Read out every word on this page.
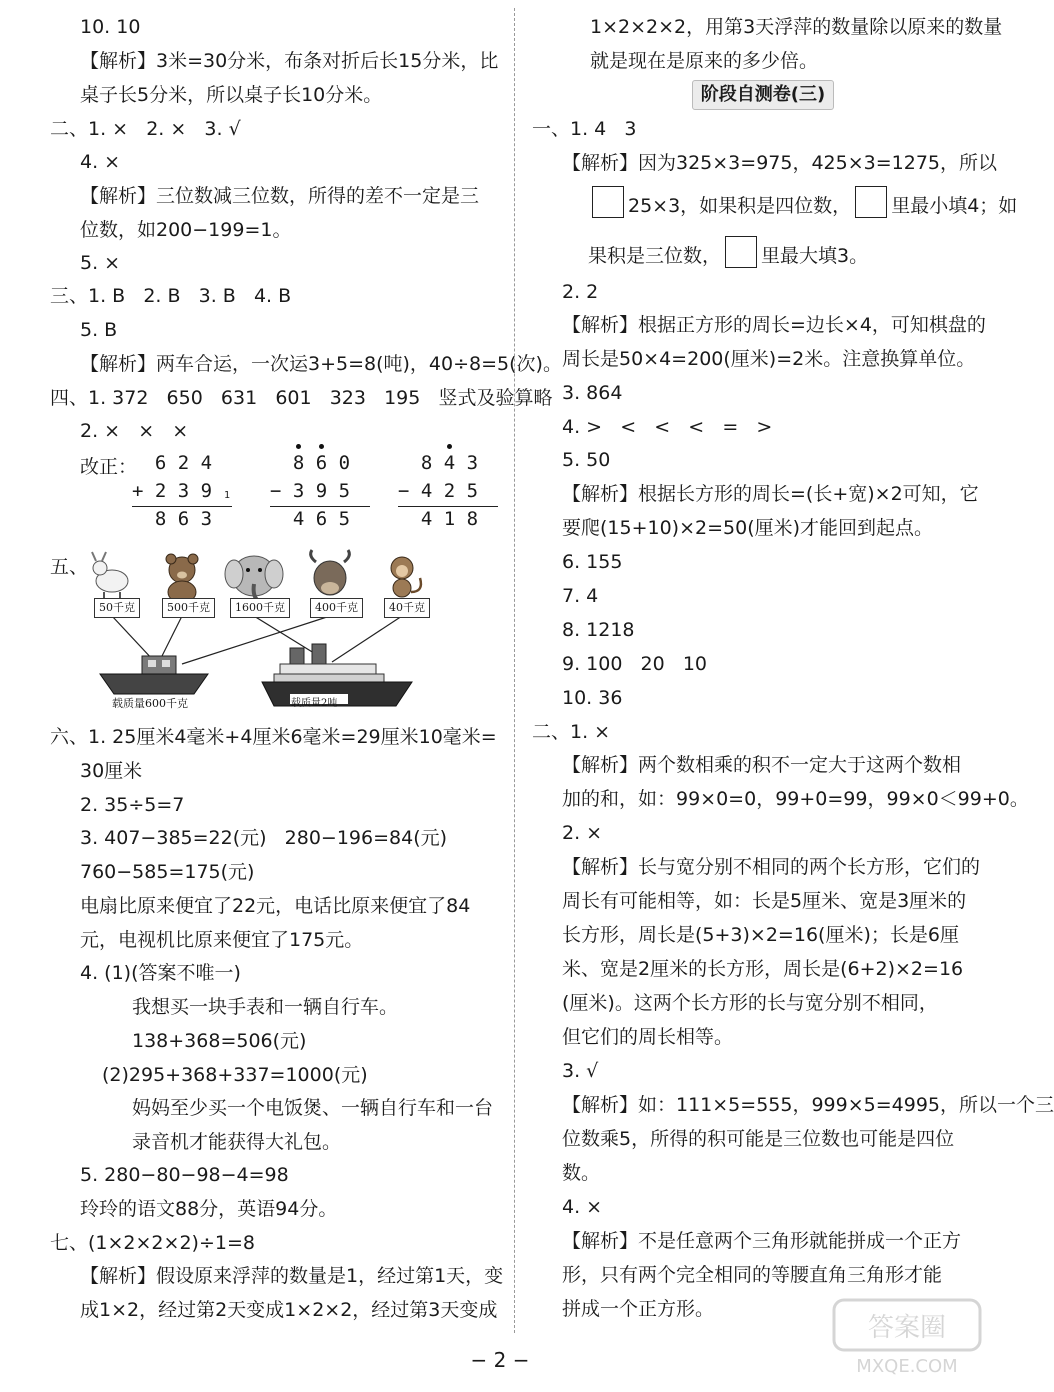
10. 10
【解析】3米=30分米，布条对折后长15分米，比
桌子长5分米，所以桌子长10分米。
二、1. ×   2. ×   3. √
4. ×
【解析】三位数减三位数，所得的差不一定是三
位数，如200−199=1。
5. ×
三、1. B   2. B   3. B   4. B
5. B
【解析】两车合运，一次运3+5=8(吨)，40÷8=5(次)。
四、1. 372   650   631   601   323   195   竖式及验算略
2. ×   ×   ×
五、
六、1. 25厘米4毫米+4厘米6毫米=29厘米10毫米=
30厘米
2. 35÷5=7
3. 407−385=22(元)   280−196=84(元)
760−585=175(元)
电扇比原来便宜了22元，电话比原来便宜了84
元，电视机比原来便宜了175元。
4. (1)(答案不唯一)
我想买一块手表和一辆自行车。
138+368=506(元)
(2)295+368+337=1000(元)
妈妈至少买一个电饭煲、一辆自行车和一台
录音机才能获得大礼包。
5. 280−80−98−4=98
玲玲的语文88分，英语94分。
七、(1×2×2×2)÷1=8
【解析】假设原来浮萍的数量是1，经过第1天，变
成1×2，经过第2天变成1×2×2，经过第3天变成
改正：
6 2 4
+ 2 3 9 1
8 6 3
8 6 0
− 3 9 5
4 6 5
8 4 3
− 4 2 5
4 1 8
50千克	500千克	1600千克	400千克	40千克
载质量600千克	载质量2吨
1×2×2×2，用第3天浮萍的数量除以原来的数量
就是现在是原来的多少倍。
阶段自测卷(三)
一、1. 4   3
【解析】因为325×3=975，425×3=1275，所以
2. 2
【解析】根据正方形的周长=边长×4，可知棋盘的
周长是50×4=200(厘米)=2米。注意换算单位。
3. 864
4. >   <   <   <   =   >
5. 50
【解析】根据长方形的周长=(长+宽)×2可知，它
要爬(15+10)×2=50(厘米)才能回到起点。
6. 155
7. 4
8. 1218
9. 100   20   10
10. 36
二、1. ×
【解析】两个数相乘的积不一定大于这两个数相
加的和，如：99×0=0，99+0=99，99×0＜99+0。
2. ×
【解析】长与宽分别不相同的两个长方形，它们的
周长有可能相等，如：长是5厘米、宽是3厘米的
长方形，周长是(5+3)×2=16(厘米)；长是6厘
米、宽是2厘米的长方形，周长是(6+2)×2=16
(厘米)。这两个长方形的长与宽分别不相同，
但它们的周长相等。
3. √
【解析】如：111×5=555，999×5=4995，所以一个三
位数乘5，所得的积可能是三位数也可能是四位
数。
4. ×
【解析】不是任意两个三角形就能拼成一个正方
形，只有两个完全相同的等腰直角三角形才能
拼成一个正方形。
25×3，如果积是四位数， 里最小填4；如
果积是三位数， 里最大填3。
− 2 −
答案圈
MXQE.COM
